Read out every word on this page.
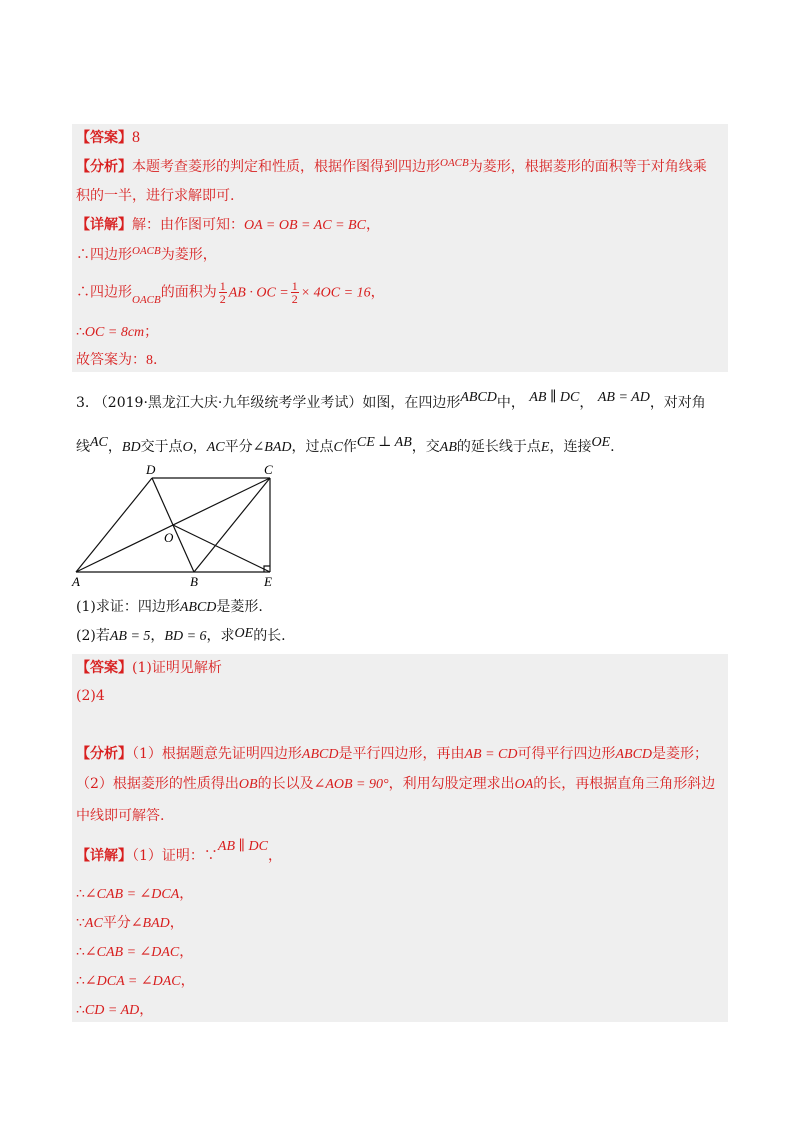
【答案】8
【分析】本题考查菱形的判定和性质，根据作图得到四边形$^{OACB}$为菱形，根据菱形的面积等于对角线乘
积的一半，进行求解即可.
【详解】解：由作图可知：OA = OB = AC = BC，
∴四边形$^{OACB}$为菱形，
∴四边形$_{OACB}$的面积为 $\frac{1}{2}$ AB · OC = $\frac{1}{2} \times 4OC = 16$，
∴OC = 8cm；
故答案为：8.
3. （2019·黑龙江大庆·九年级统考学业考试）如图，在四边形ABCD中， AB ∥ DC， AB = AD，对对角
线AC，BD交于点O，AC平分∠BAD，过点C作CE ⊥ AB，交AB的延长线于点E，连接OE.
D	C
O
A	B	E
(1)求证：四边形ABCD是菱形.
(2)若AB = 5，BD = 6，求OE的长.
【答案】(1)证明见解析
(2)4
【分析】（1）根据题意先证明四边形ABCD是平行四边形，再由AB = CD可得平行四边形ABCD是菱形；
（2）根据菱形的性质得出OB的长以及∠AOB = 90°，利用勾股定理求出OA的长，再根据直角三角形斜边
中线即可解答.
【详解】（1）证明：∵AB ∥ DC，
∴∠CAB = ∠DCA，
∵AC平分∠BAD，
∴∠CAB = ∠DAC，
∴∠DCA = ∠DAC，
∴CD = AD，
